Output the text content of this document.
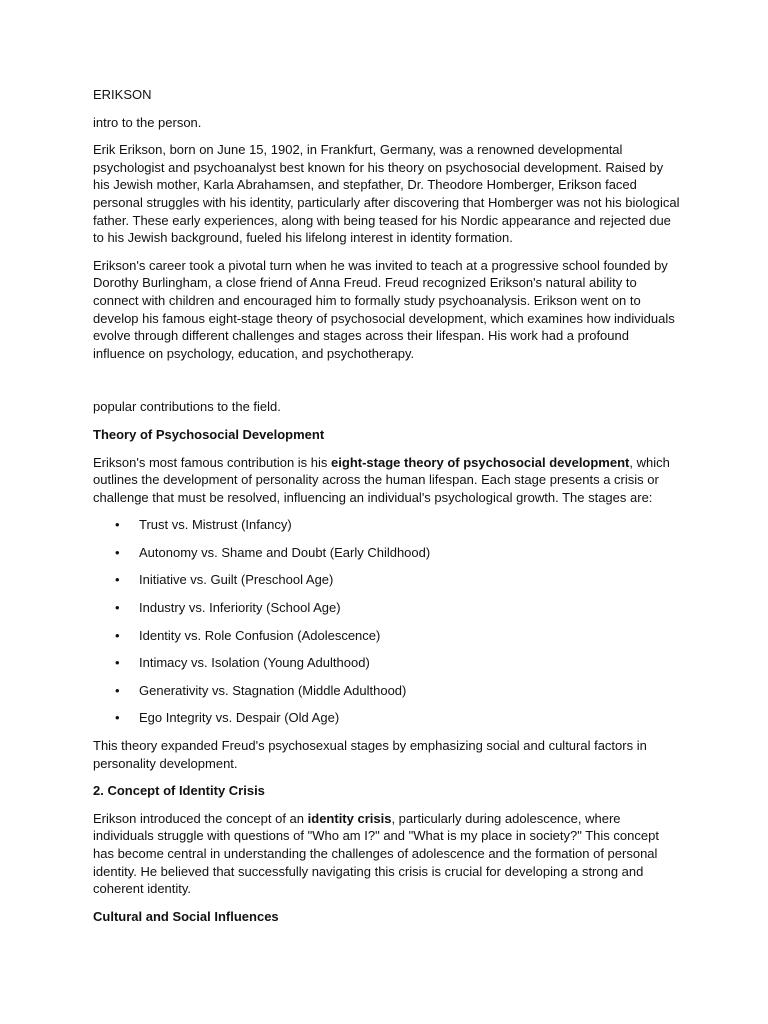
ERIKSON

intro to the person.

Erik Erikson, born on June 15, 1902, in Frankfurt, Germany, was a renowned developmental psychologist and psychoanalyst best known for his theory on psychosocial development. Raised by his Jewish mother, Karla Abrahamsen, and stepfather, Dr. Theodore Homberger, Erikson faced personal struggles with his identity, particularly after discovering that Homberger was not his biological father. These early experiences, along with being teased for his Nordic appearance and rejected due to his Jewish background, fueled his lifelong interest in identity formation.

Erikson's career took a pivotal turn when he was invited to teach at a progressive school founded by Dorothy Burlingham, a close friend of Anna Freud. Freud recognized Erikson's natural ability to connect with children and encouraged him to formally study psychoanalysis. Erikson went on to develop his famous eight-stage theory of psychosocial development, which examines how individuals evolve through different challenges and stages across their lifespan. His work had a profound influence on psychology, education, and psychotherapy.

popular contributions to the field.

Theory of Psychosocial Development

Erikson's most famous contribution is his eight-stage theory of psychosocial development, which outlines the development of personality across the human lifespan. Each stage presents a crisis or challenge that must be resolved, influencing an individual's psychological growth. The stages are:

• Trust vs. Mistrust (Infancy)
• Autonomy vs. Shame and Doubt (Early Childhood)
• Initiative vs. Guilt (Preschool Age)
• Industry vs. Inferiority (School Age)
• Identity vs. Role Confusion (Adolescence)
• Intimacy vs. Isolation (Young Adulthood)
• Generativity vs. Stagnation (Middle Adulthood)
• Ego Integrity vs. Despair (Old Age)

This theory expanded Freud's psychosexual stages by emphasizing social and cultural factors in personality development.

2. Concept of Identity Crisis

Erikson introduced the concept of an identity crisis, particularly during adolescence, where individuals struggle with questions of "Who am I?" and "What is my place in society?" This concept has become central in understanding the challenges of adolescence and the formation of personal identity. He believed that successfully navigating this crisis is crucial for developing a strong and coherent identity.

Cultural and Social Influences
